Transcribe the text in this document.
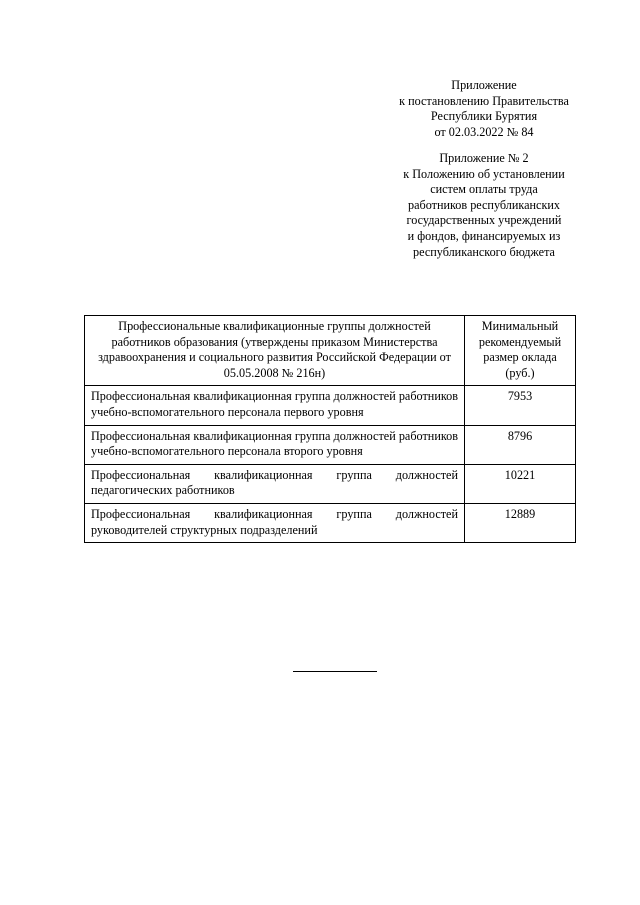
Приложение
к постановлению Правительства
Республики Бурятия
от 02.03.2022 № 84
Приложение № 2
к Положению об установлении
систем оплаты труда
работников республиканских
государственных учреждений
и фондов, финансируемых из
республиканского бюджета
Профессиональные квалификационные группы должностей работников образования (утверждены приказом Министерства здравоохранения и социального развития Российской Федерации от 05.05.2008 № 216н)	Минимальный рекомендуемый размер оклада (руб.)
Профессиональная квалификационная группа должностей работников учебно-вспомогательного персонала первого уровня	7953
Профессиональная квалификационная группа должностей работников учебно-вспомогательного персонала второго уровня	8796
Профессиональная квалификационная группа должностей педагогических работников	10221
Профессиональная квалификационная группа должностей руководителей структурных подразделений	12889
